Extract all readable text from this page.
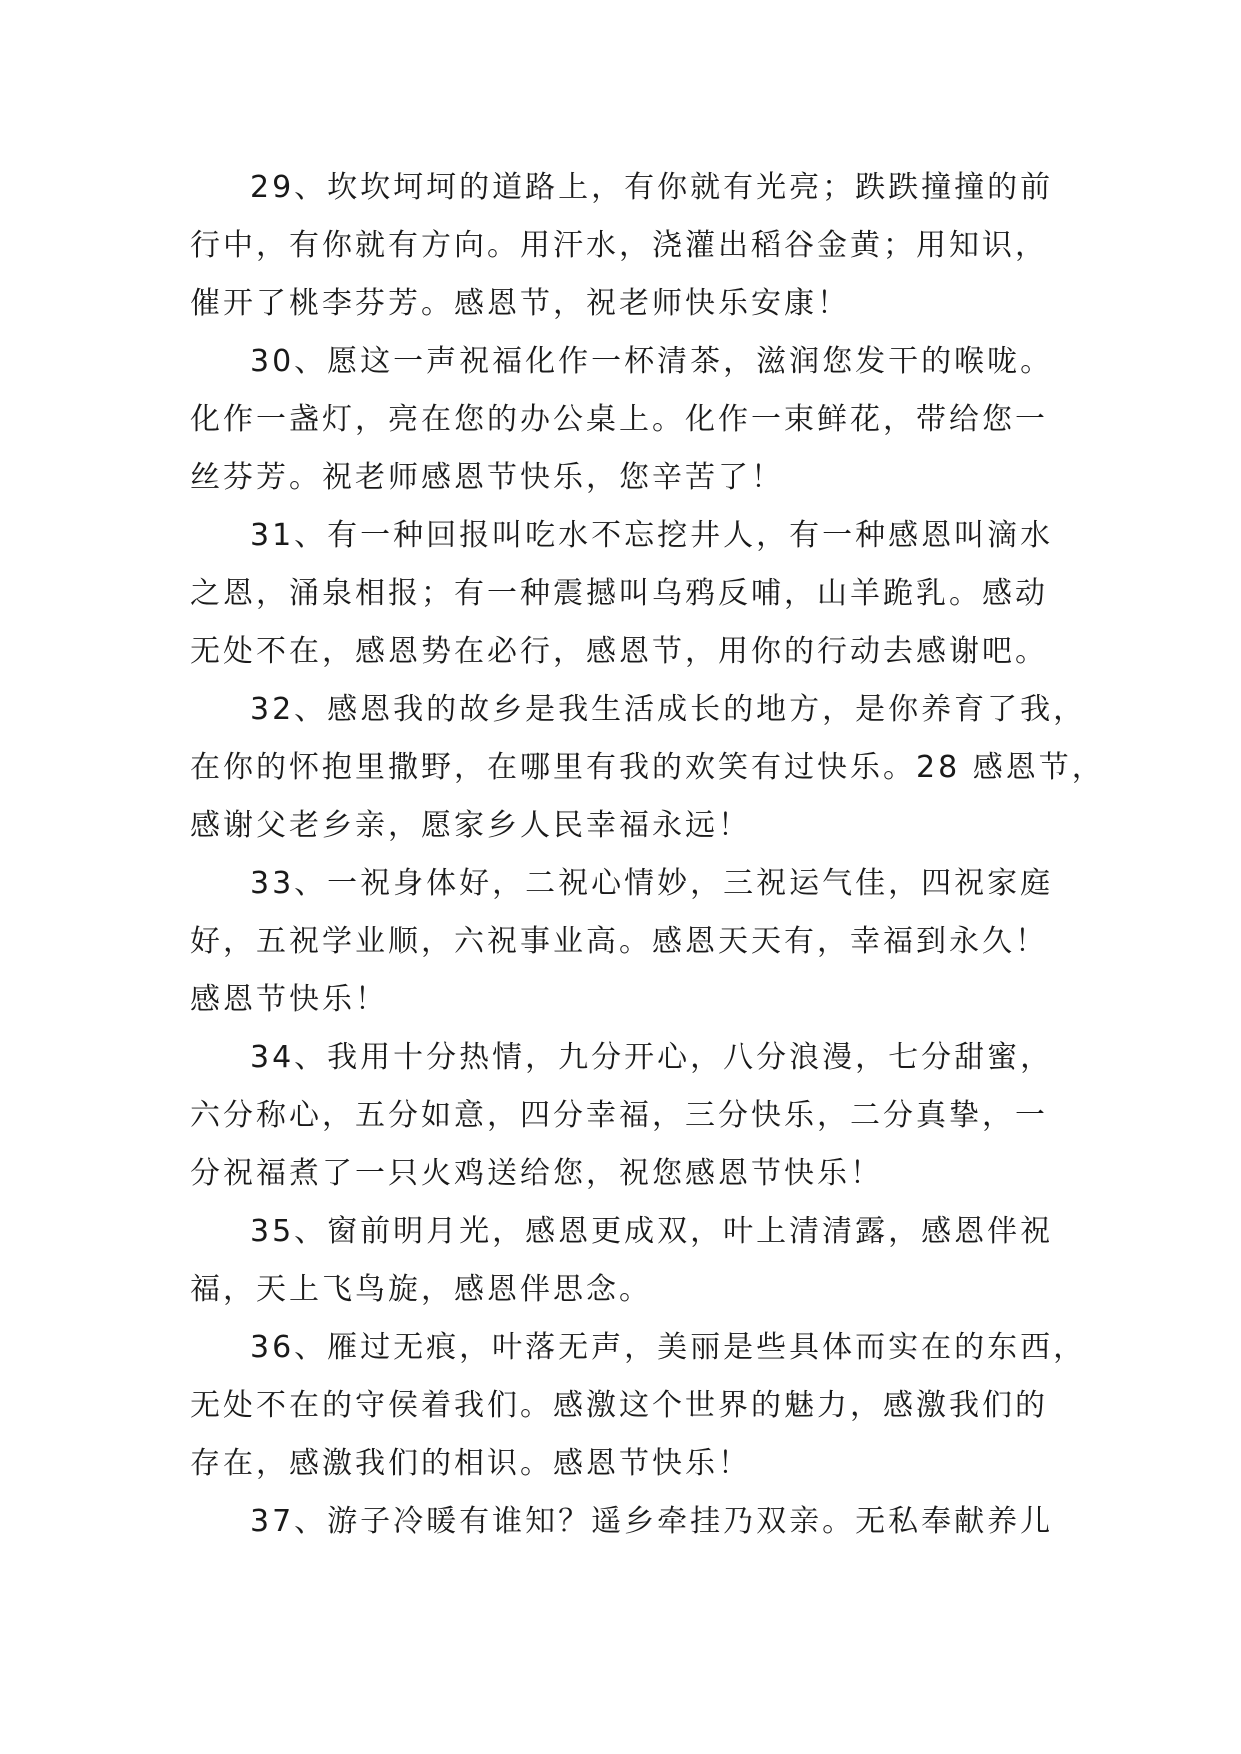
29、坎坎坷坷的道路上，有你就有光亮；跌跌撞撞的前
行中，有你就有方向。用汗水，浇灌出稻谷金黄；用知识，
催开了桃李芬芳。感恩节，祝老师快乐安康！

30、愿这一声祝福化作一杯清茶，滋润您发干的喉咙。
化作一盏灯，亮在您的办公桌上。化作一束鲜花，带给您一
丝芬芳。祝老师感恩节快乐，您辛苦了！

31、有一种回报叫吃水不忘挖井人，有一种感恩叫滴水
之恩，涌泉相报；有一种震撼叫乌鸦反哺，山羊跪乳。感动
无处不在，感恩势在必行，感恩节，用你的行动去感谢吧。

32、感恩我的故乡是我生活成长的地方，是你养育了我，
在你的怀抱里撒野，在哪里有我的欢笑有过快乐。28 感恩节，
感谢父老乡亲，愿家乡人民幸福永远！

33、一祝身体好，二祝心情妙，三祝运气佳，四祝家庭
好，五祝学业顺，六祝事业高。感恩天天有，幸福到永久！
感恩节快乐！

34、我用十分热情，九分开心，八分浪漫，七分甜蜜，
六分称心，五分如意，四分幸福，三分快乐，二分真挚，一
分祝福煮了一只火鸡送给您，祝您感恩节快乐！

35、窗前明月光，感恩更成双，叶上清清露，感恩伴祝
福，天上飞鸟旋，感恩伴思念。

36、雁过无痕，叶落无声，美丽是些具体而实在的东西，
无处不在的守侯着我们。感激这个世界的魅力，感激我们的
存在，感激我们的相识。感恩节快乐！

37、游子冷暖有谁知？遥乡牵挂乃双亲。无私奉献养儿
